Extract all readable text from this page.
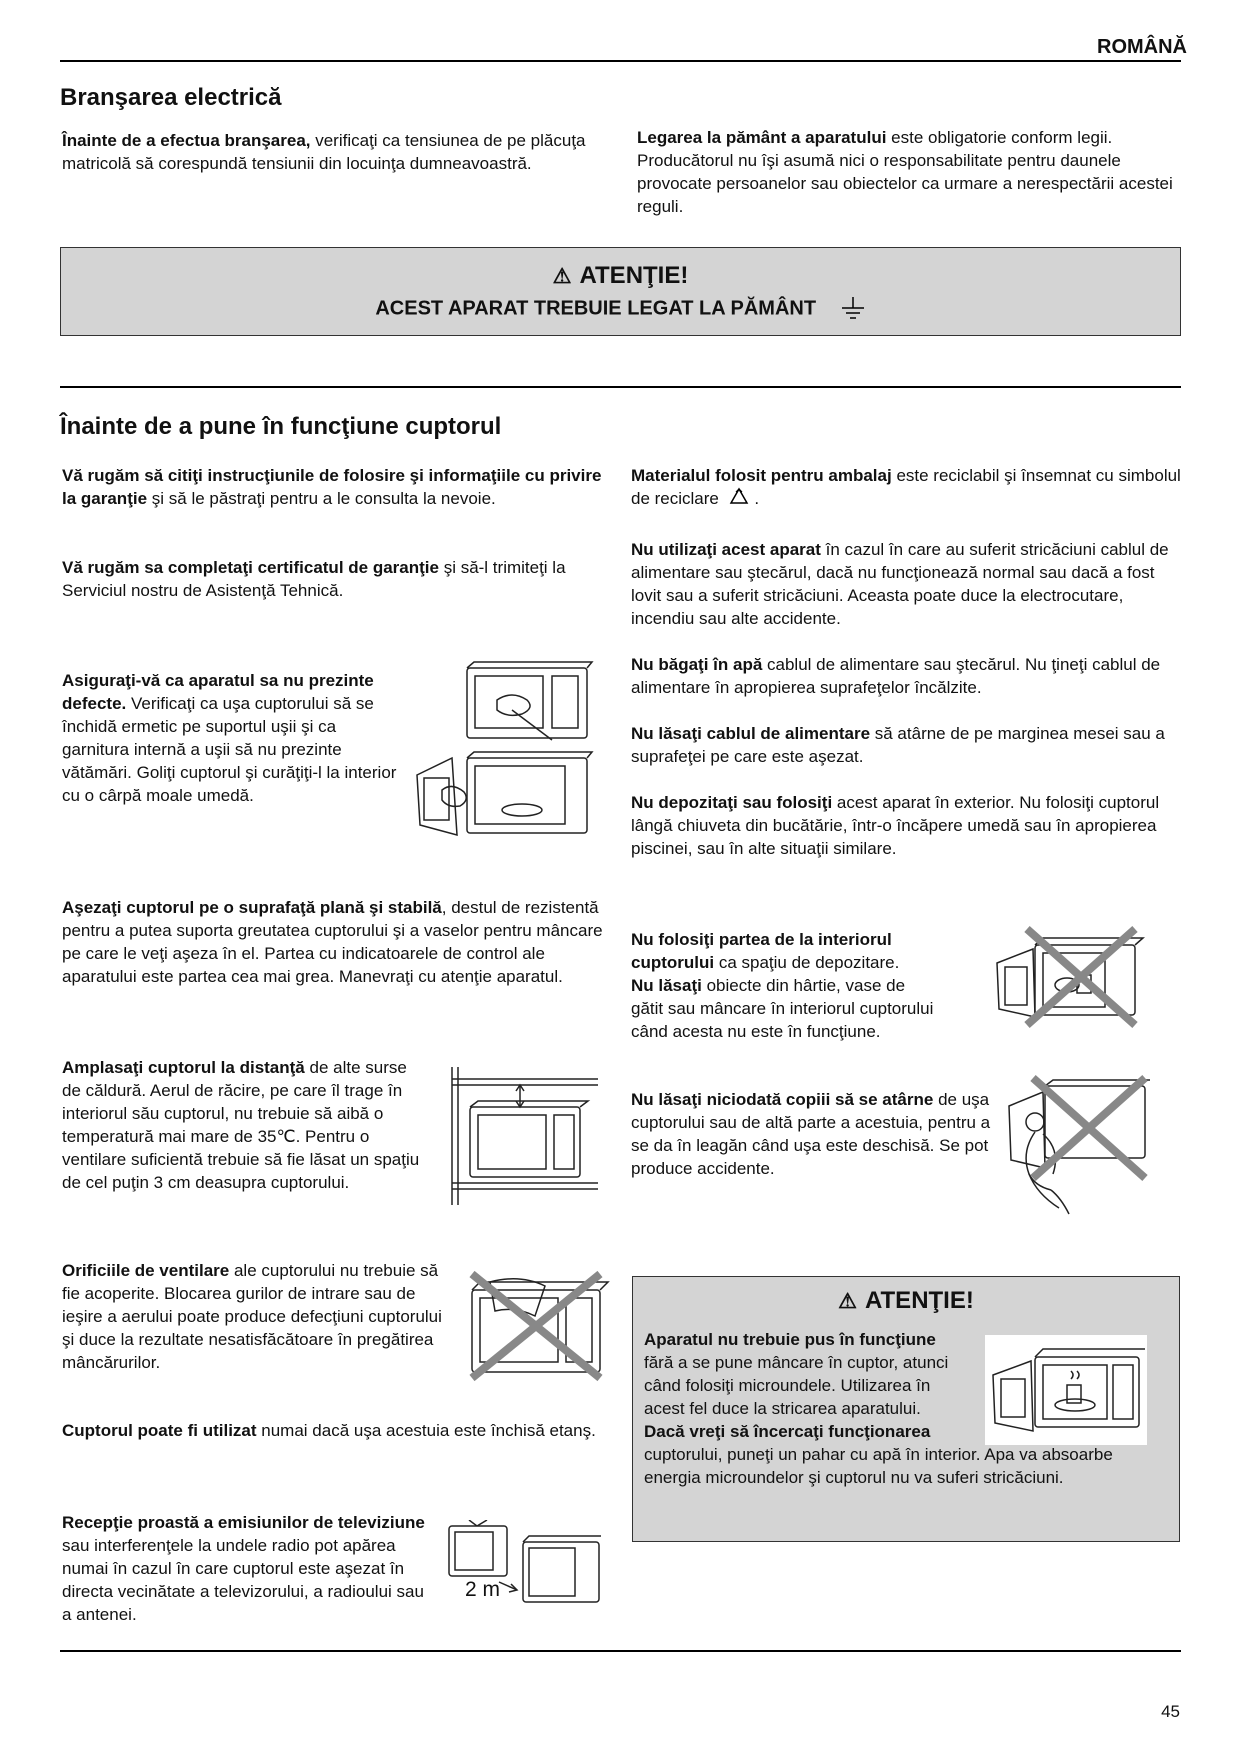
ROMÂNĂ
Branşarea electrică

Înainte de a efectua branşarea, verificaţi ca tensiunea de pe plăcuţa matricolă să corespundă tensiunii din locuinţa dumneavoastră.

Legarea la pământ a aparatului este obligatorie conform legii. Producătorul nu îşi asumă nici o responsabilitate pentru daunele provocate persoanelor sau obiectelor ca urmare a nerespectării acestei reguli.

⚠ ATENŢIE!
ACEST APARAT TREBUIE LEGAT LA PĂMÂNT
Înainte de a pune în funcţiune cuptorul

Vă rugăm să citiţi instrucţiunile de folosire şi informaţiile cu privire la garanţie şi să le păstraţi pentru a le consulta la nevoie.

Vă rugăm sa completaţi certificatul de garanţie şi să-l trimiteţi la Serviciul nostru de Asistenţă Tehnică.

Asiguraţi-vă ca aparatul sa nu prezinte defecte. Verificaţi ca uşa cuptorului să se închidă ermetic pe suportul uşii şi ca garnitura internă a uşii să nu prezinte vătămări. Goliţi cuptorul şi curăţiţi-l la interior cu o cârpă moale umedă.

Aşezaţi cuptorul pe o suprafaţă plană şi stabilă, destul de rezistentă pentru a putea suporta greutatea cuptorului şi a vaselor pentru mâncare pe care le veţi aşeza în el. Partea cu indicatoarele de control ale aparatului este partea cea mai grea. Manevraţi cu atenţie aparatul.

Amplasaţi cuptorul la distanţă de alte surse de căldură. Aerul de răcire, pe care îl trage în interiorul său cuptorul, nu trebuie să aibă o temperatură mai mare de 35℃. Pentru o ventilare suficientă trebuie să fie lăsat un spaţiu de cel puţin 3 cm deasupra cuptorului.

Orificiile de ventilare ale cuptorului nu trebuie să fie acoperite. Blocarea gurilor de intrare sau de ieşire a aerului poate produce defecţiuni cuptorului şi duce la rezultate nesatisfăcătoare în pregătirea mâncărurilor.

Cuptorul poate fi utilizat numai dacă uşa acestuia este închisă etanş.

Recepţie proastă a emisiunilor de televiziune sau interferenţele la undele radio pot apărea numai în cazul în care cuptorul este aşezat în directa vecinătate a televizorului, a radioului sau a antenei.

2 m

Materialul folosit pentru ambalaj este reciclabil şi însemnat cu simbolul de reciclare
.

Nu utilizaţi acest aparat în cazul în care au suferit stricăciuni cablul de alimentare sau ştecărul, dacă nu funcţionează normal sau dacă a fost lovit sau a suferit stricăciuni. Aceasta poate duce la electrocutare, incendiu sau alte accidente.

Nu băgaţi în apă cablul de alimentare sau ştecărul. Nu ţineţi cablul de alimentare în apropierea suprafeţelor încălzite.

Nu lăsaţi cablul de alimentare să atârne de pe marginea mesei sau a suprafeţei pe care este aşezat.

Nu depozitaţi sau folosiţi acest aparat în exterior. Nu folosiţi cuptorul lângă chiuveta din bucătărie, într-o încăpere umedă sau în apropierea piscinei, sau în alte situaţii similare.

Nu folosiţi partea de la interiorul cuptorului ca spaţiu de depozitare.
Nu lăsaţi obiecte din hârtie, vase de gătit sau mâncare în interiorul cuptorului când acesta nu este în funcţiune.

Nu lăsaţi niciodată copiii să se atârne de uşa cuptorului sau de altă parte a acestuia, pentru a se da în leagăn când uşa este deschisă. Se pot produce accidente.

⚠ ATENŢIE!

Aparatul nu trebuie pus în funcţiune
fără a se pune mâncare în cuptor, atunci când folosiţi microundele. Utilizarea în acest fel duce la stricarea aparatului.
Dacă vreţi să încercaţi funcţionarea

cuptorului, puneţi un pahar cu apă în interior. Apa va absoarbe energia microundelor şi cuptorul nu va suferi stricăciuni.

45
